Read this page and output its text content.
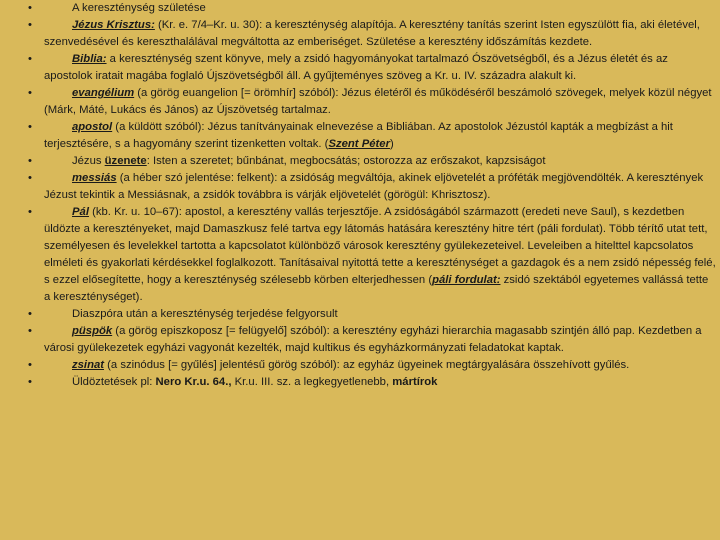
•	A kereszténység születése

•	Jézus Krisztus: (Kr. e. 7/4–Kr. u. 30): a kereszténység alapítója. A keresztény tanítás szerint Isten egyszülött fia, aki életével, szenvedésével és kereszthalálával megváltotta az emberiséget. Születése a keresztény időszámítás kezdete.

•	Biblia: a kereszténység szent könyve, mely a zsidó hagyományokat tartalmazó Ószövetségből, és a Jézus életét és az apostolok iratait magába foglaló Újszövetségből áll. A gyűjteményes szöveg a Kr. u. IV. századra alakult ki.

•	evangélium (a görög euangelion [= örömhír] szóból): Jézus életéről és működéséről beszámoló szövegek, melyek közül négyet (Márk, Máté, Lukács és János) az Újszövetség tartalmaz.

•	apostol (a küldött szóból): Jézus tanítványainak elnevezése a Bibliában. Az apostolok Jézustól kapták a megbízást a hit terjesztésére, s a hagyomány szerint tizenketten voltak. (Szent Péter)

•	Jézus üzenete: Isten a szeretet; bűnbánat, megbocsátás; ostorozza az erőszakot, kapzsiságot

•	messiás (a héber szó jelentése: felkent): a zsidóság megváltója, akinek eljövetelét a próféták megjövendölték. A keresztények Jézust tekintik a Messiásnak, a zsidók továbbra is várják eljövetelét (görögül: Khrisztosz).

•	Pál (kb. Kr. u. 10–67): apostol, a keresztény vallás terjesztője. A zsidóságából származott (eredeti neve Saul), s kezdetben üldözte a keresztényeket, majd Damaszkusz felé tartva egy látomás hatására keresztény hitre tért (páli fordulat). Több térítő utat tett, személyesen és levelekkel tartotta a kapcsolatot különböző városok keresztény gyülekezeteivel. Leveleiben a hitelttel kapcsolatos elméleti és gyakorlati kérdésekkel foglalkozott. Tanításaival nyitottá tette a kereszténységet a gazdagok és a nem zsidó népesség felé, s ezzel elősegítette, hogy a kereszténység szélesebb körben elterjedhessen (páli fordulat: zsidó szektából egyetemes vallássá tette a kereszténységet).

•	Diaszpóra után a kereszténység terjedése felgyorsult

•	püspök (a görög episzkoposz [= felügyelő] szóból): a keresztény egyházi hierarchia magasabb szintjén álló pap. Kezdetben a városi gyülekezetek egyházi vagyonát kezelték, majd kultikus és egyházkormányzati feladatokat kaptak.

•	zsinat (a szinódus [= gyűlés] jelentésű görög szóból): az egyház ügyeinek megtárgyalására összehívott gyűlés.

•	Üldöztetések pl: Nero Kr.u. 64., Kr.u. III. sz. a legkegyetlenebb, mártírok
